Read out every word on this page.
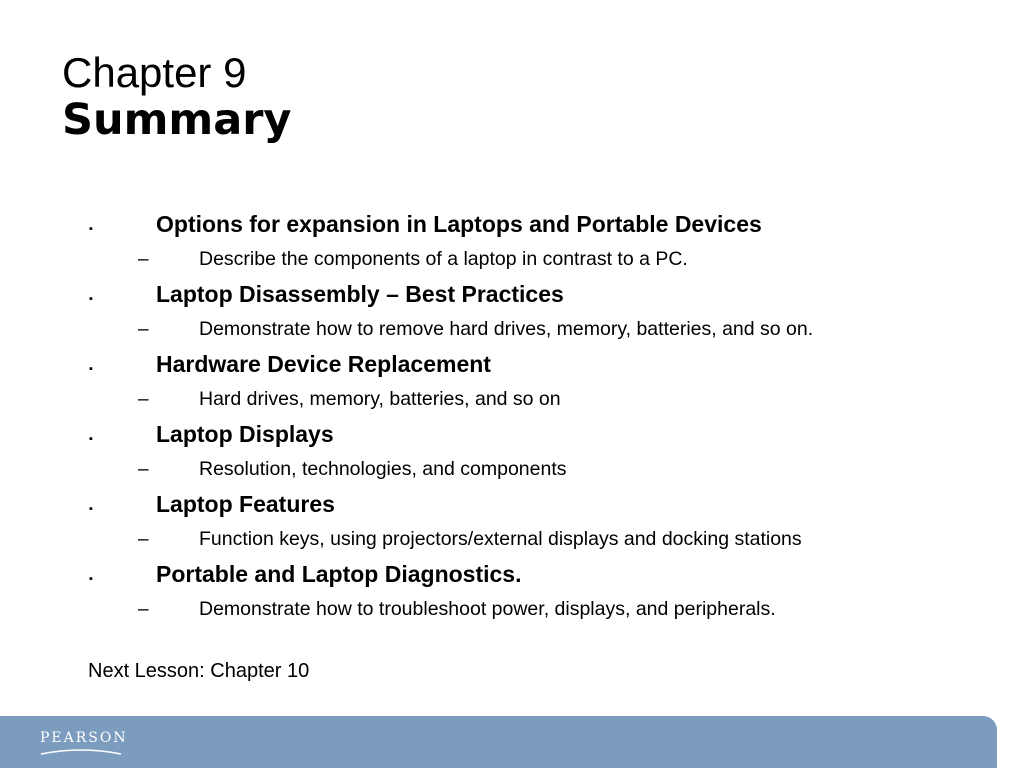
Chapter 9
Summary
▪	Options for expansion in Laptops and Portable Devices
–	Describe the components of a laptop in contrast to a PC.
▪	Laptop Disassembly – Best Practices
–	Demonstrate how to remove hard drives, memory, batteries, and so on.
▪	Hardware Device Replacement
–	Hard drives, memory, batteries, and so on
▪	Laptop Displays
–	Resolution, technologies, and components
▪	Laptop Features
–	Function keys, using projectors/external displays and docking stations
▪	Portable and Laptop Diagnostics.
–	Demonstrate how to troubleshoot power, displays, and peripherals.
Next Lesson: Chapter 10
PEARSON
